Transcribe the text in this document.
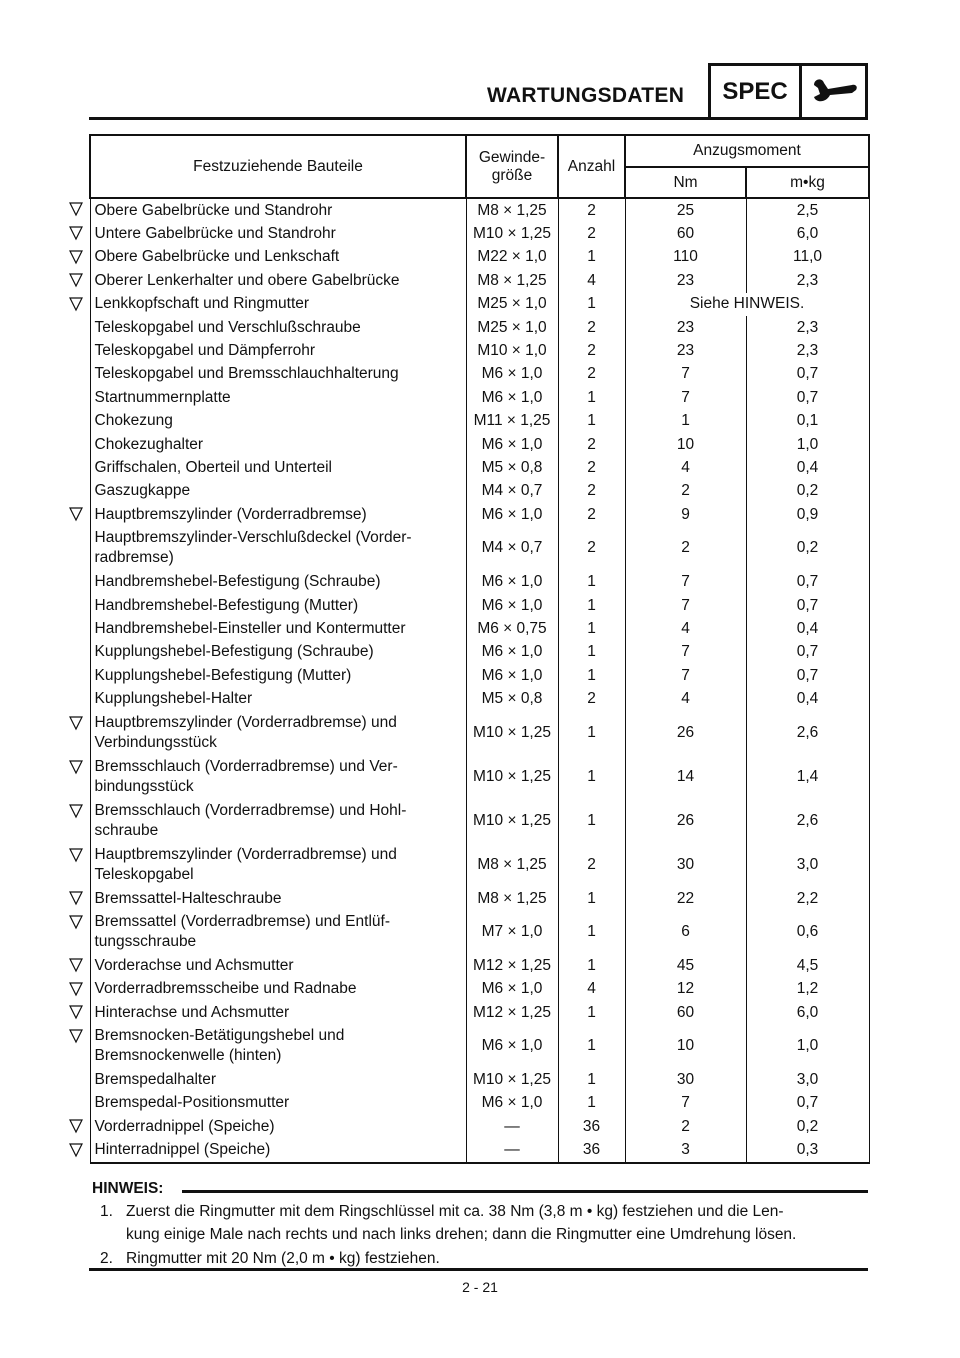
WARTUNGSDATEN	SPEC
Festzuziehende Bauteile	Gewinde-
größe	Anzahl	Anzugsmoment	
			Nm	m•kg
Obere Gabelbrücke und Standrohr	M8 × 1,25	2	25	2,5
Untere Gabelbrücke und Standrohr	M10 × 1,25	2	60	6,0
Obere Gabelbrücke und Lenkschaft	M22 × 1,0	1	110	11,0
Oberer Lenkerhalter und obere Gabelbrücke	M8 × 1,25	4	23	2,3
Lenkkopfschaft und Ringmutter	M25 × 1,0	1	Siehe HINWEIS.	
Teleskopgabel und Verschlußschraube	M25 × 1,0	2	23	2,3
Teleskopgabel und Dämpferrohr	M10 × 1,0	2	23	2,3
Teleskopgabel und Bremsschlauchhalterung	M6 × 1,0	2	7	0,7
Startnummernplatte	M6 × 1,0	1	7	0,7
Chokezung	M11 × 1,25	1	1	0,1
Chokezughalter	M6 × 1,0	2	10	1,0
Griffschalen, Oberteil und Unterteil	M5 × 0,8	2	4	0,4
Gaszugkappe	M4 × 0,7	2	2	0,2
Hauptbremszylinder (Vorderradbremse)	M6 × 1,0	2	9	0,9
Hauptbremszylinder-Verschlußdeckel (Vorder-
radbremse)	M4 × 0,7	2	2	0,2
Handbremshebel-Befestigung (Schraube)	M6 × 1,0	1	7	0,7
Handbremshebel-Befestigung (Mutter)	M6 × 1,0	1	7	0,7
Handbremshebel-Einsteller und Kontermutter	M6 × 0,75	1	4	0,4
Kupplungshebel-Befestigung (Schraube)	M6 × 1,0	1	7	0,7
Kupplungshebel-Befestigung (Mutter)	M6 × 1,0	1	7	0,7
Kupplungshebel-Halter	M5 × 0,8	2	4	0,4
Hauptbremszylinder (Vorderradbremse) und
Verbindungsstück	M10 × 1,25	1	26	2,6
Bremsschlauch (Vorderradbremse) und Ver-
bindungsstück	M10 × 1,25	1	14	1,4
Bremsschlauch (Vorderradbremse) und Hohl-
schraube	M10 × 1,25	1	26	2,6
Hauptbremszylinder (Vorderradbremse) und
Teleskopgabel	M8 × 1,25	2	30	3,0
Bremssattel-Halteschraube	M8 × 1,25	1	22	2,2
Bremssattel (Vorderradbremse) und Entlüf-
tungsschraube	M7 × 1,0	1	6	0,6
Vorderachse und Achsmutter	M12 × 1,25	1	45	4,5
Vorderradbremsscheibe und Radnabe	M6 × 1,0	4	12	1,2
Hinterachse und Achsmutter	M12 × 1,25	1	60	6,0
Bremsnocken-Betätigungshebel und
Bremsnockenwelle (hinten)	M6 × 1,0	1	10	1,0
Bremspedalhalter	M10 × 1,25	1	30	3,0
Bremspedal-Positionsmutter	M6 × 1,0	1	7	0,7
Vorderradnippel (Speiche)	—	36	2	0,2
Hinterradnippel (Speiche)	—	36	3	0,3
HINWEIS:
1. Zuerst die Ringmutter mit dem Ringschlüssel mit ca. 38 Nm (3,8 m • kg) festziehen und die Len-
kung einige Male nach rechts und nach links drehen; dann die Ringmutter eine Umdrehung lösen.
2. Ringmutter mit 20 Nm (2,0 m • kg) festziehen.
2 - 21
